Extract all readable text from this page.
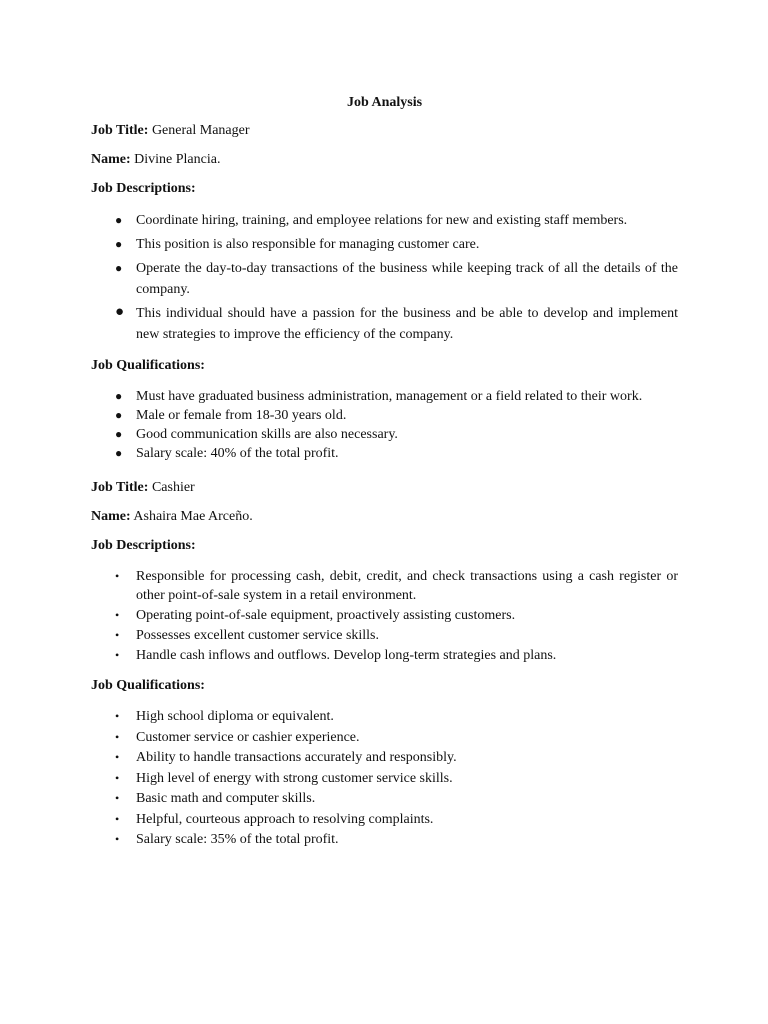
Job Analysis
Job Title: General Manager
Name: Divine Plancia.
Job Descriptions:
● Coordinate hiring, training, and employee relations for new and existing staff members.
● This position is also responsible for managing customer care.
● Operate the day-to-day transactions of the business while keeping track of all the details of the company.
● This individual should have a passion for the business and be able to develop and implement new strategies to improve the efficiency of the company.
Job Qualifications:
● Must have graduated business administration, management or a field related to their work.
● Male or female from 18-30 years old.
● Good communication skills are also necessary.
● Salary scale: 40% of the total profit.
Job Title: Cashier
Name: Ashaira Mae Arceño.
Job Descriptions:
• Responsible for processing cash, debit, credit, and check transactions using a cash register or other point-of-sale system in a retail environment.
• Operating point-of-sale equipment, proactively assisting customers.
• Possesses excellent customer service skills.
• Handle cash inflows and outflows. Develop long-term strategies and plans.
Job Qualifications:
• High school diploma or equivalent.
• Customer service or cashier experience.
• Ability to handle transactions accurately and responsibly.
• High level of energy with strong customer service skills.
• Basic math and computer skills.
• Helpful, courteous approach to resolving complaints.
• Salary scale: 35% of the total profit.
